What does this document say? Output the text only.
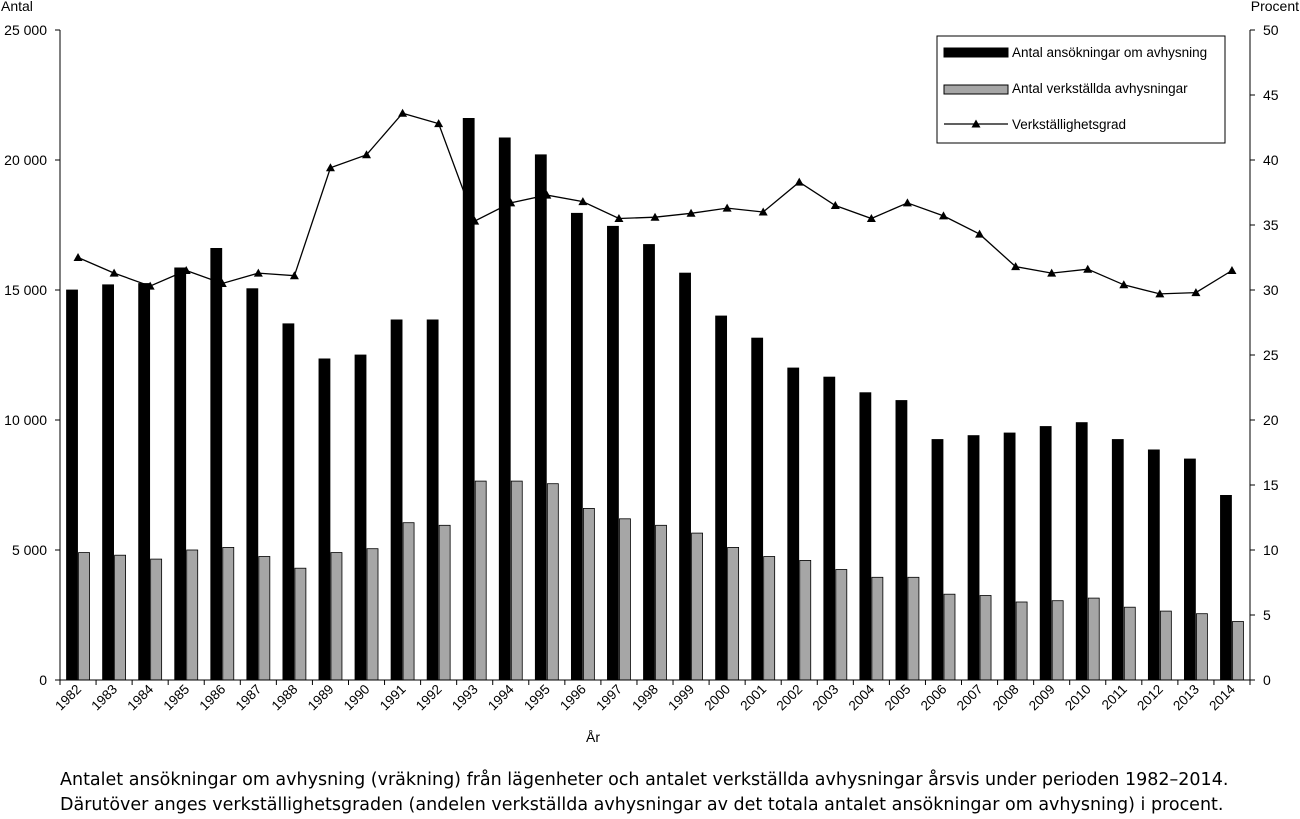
Antal	Procent
0
5 000
10 000
15 000
20 000
25 000
0
5
10
15
20
25
30
35
40
45
50
1982 1983 1984 1985 1986 1987 1988 1989 1990 1991 1992 1993 1994 1995 1996 1997 1998 1999 2000 2001 2002 2003 2004 2005 2006 2007 2008 2009 2010 2011 2012 2013 2014
År
Antal ansökningar om avhysning
Antal verkställda avhysningar
Verkställighetsgrad
Antalet ansökningar om avhysning (vräkning) från lägenheter och antalet verkställda avhysningar årsvis under perioden 1982–2014.
Därutöver anges verkställighetsgraden (andelen verkställda avhysningar av det totala antalet ansökningar om avhysning) i procent.
